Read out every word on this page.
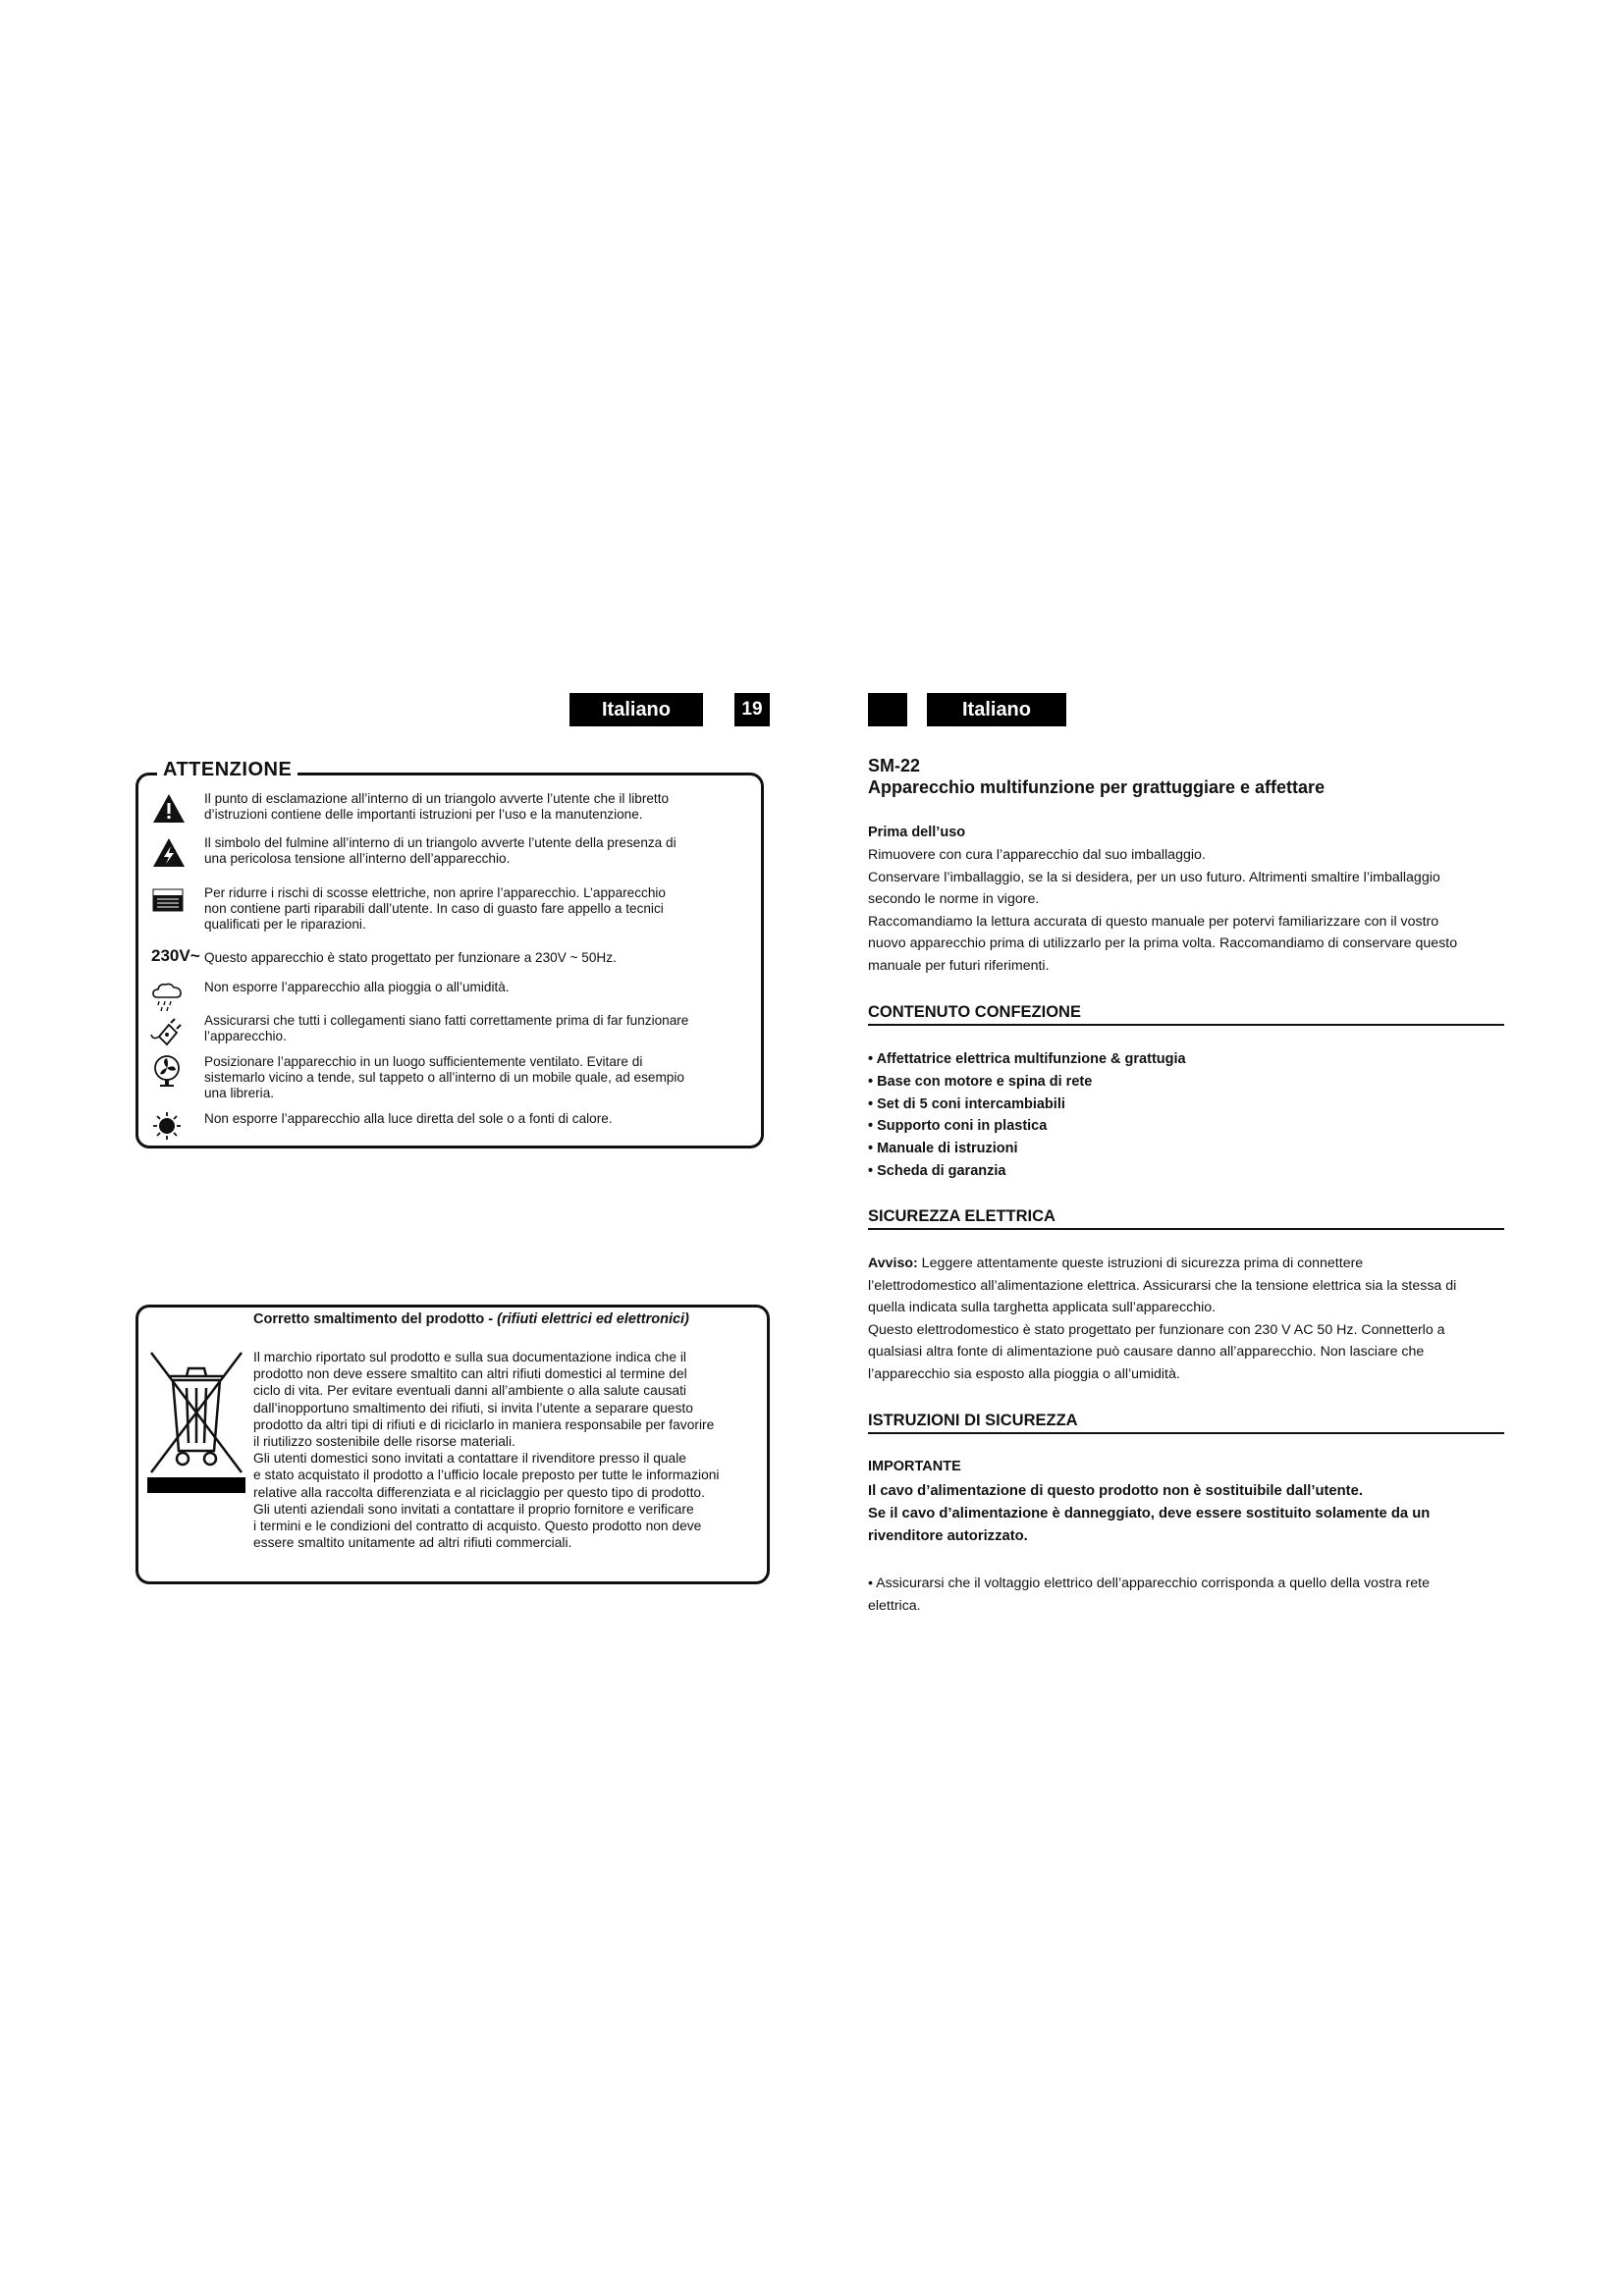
Italiano	19
ATTENZIONE
Il punto di esclamazione all’interno di un triangolo avverte l’utente che il libretto
d’istruzioni contiene delle importanti istruzioni per l’uso e la manutenzione.
Il simbolo del fulmine all’interno di un triangolo avverte l’utente della presenza di
una pericolosa tensione all’interno dell’apparecchio.
Per ridurre i rischi di scosse elettriche, non aprire l’apparecchio. L’apparecchio
non contiene parti riparabili dall’utente. In caso di guasto fare appello a tecnici
qualificati per le riparazioni.
230V~ Questo apparecchio è stato progettato per funzionare a 230V ~ 50Hz.
Non esporre l’apparecchio alla pioggia o all’umidità.
Assicurarsi che tutti i collegamenti siano fatti correttamente prima di far funzionare
l’apparecchio.
Posizionare l’apparecchio in un luogo sufficientemente ventilato. Evitare di
sistemarlo vicino a tende, sul tappeto o all’interno di un mobile quale, ad esempio
una libreria.
Non esporre l’apparecchio alla luce diretta del sole o a fonti di calore.
Corretto smaltimento del prodotto - (rifiuti elettrici ed elettronici)
Il marchio riportato sul prodotto e sulla sua documentazione indica che il
prodotto non deve essere smaltito can altri rifiuti domestici al termine del
ciclo di vita. Per evitare eventuali danni all’ambiente o alla salute causati
dall’inopportuno smaltimento dei rifiuti, si invita l’utente a separare questo
prodotto da altri tipi di rifiuti e di riciclarlo in maniera responsabile per favorire
il riutilizzo sostenibile delle risorse materiali.
Gli utenti domestici sono invitati a contattare il rivenditore presso il quale
e stato acquistato il prodotto a l’ufficio locale preposto per tutte le informazioni
relative alla raccolta differenziata e al riciclaggio per questo tipo di prodotto.
Gli utenti aziendali sono invitati a contattare il proprio fornitore e verificare
i termini e le condizioni del contratto di acquisto. Questo prodotto non deve
essere smaltito unitamente ad altri rifiuti commerciali.
Italiano
SM-22
Apparecchio multifunzione per grattuggiare e affettare
Prima dell’uso
Rimuovere con cura l’apparecchio dal suo imballaggio.
Conservare l’imballaggio, se la si desidera, per un uso futuro. Altrimenti smaltire l’imballaggio
secondo le norme in vigore.
Raccomandiamo la lettura accurata di questo manuale per potervi familiarizzare con il vostro
nuovo apparecchio prima di utilizzarlo per la prima volta. Raccomandiamo di conservare questo
manuale per futuri riferimenti.
CONTENUTO CONFEZIONE
• Affettatrice elettrica multifunzione & grattugia
• Base con motore e spina di rete
• Set di 5 coni intercambiabili
• Supporto coni in plastica
• Manuale di istruzioni
• Scheda di garanzia
SICUREZZA ELETTRICA
Avviso: Leggere attentamente queste istruzioni di sicurezza prima di connettere
l’elettrodomestico all’alimentazione elettrica. Assicurarsi che la tensione elettrica sia la stessa di
quella indicata sulla targhetta applicata sull’apparecchio.
Questo elettrodomestico è stato progettato per funzionare con 230 V AC 50 Hz. Connetterlo a
qualsiasi altra fonte di alimentazione può causare danno all’apparecchio. Non lasciare che
l’apparecchio sia esposto alla pioggia o all’umidità.
ISTRUZIONI DI SICUREZZA
IMPORTANTE
Il cavo d’alimentazione di questo prodotto non è sostituibile dall’utente.
Se il cavo d’alimentazione è danneggiato, deve essere sostituito solamente da un
rivenditore autorizzato.
• Assicurarsi che il voltaggio elettrico dell’apparecchio corrisponda a quello della vostra rete
elettrica.
